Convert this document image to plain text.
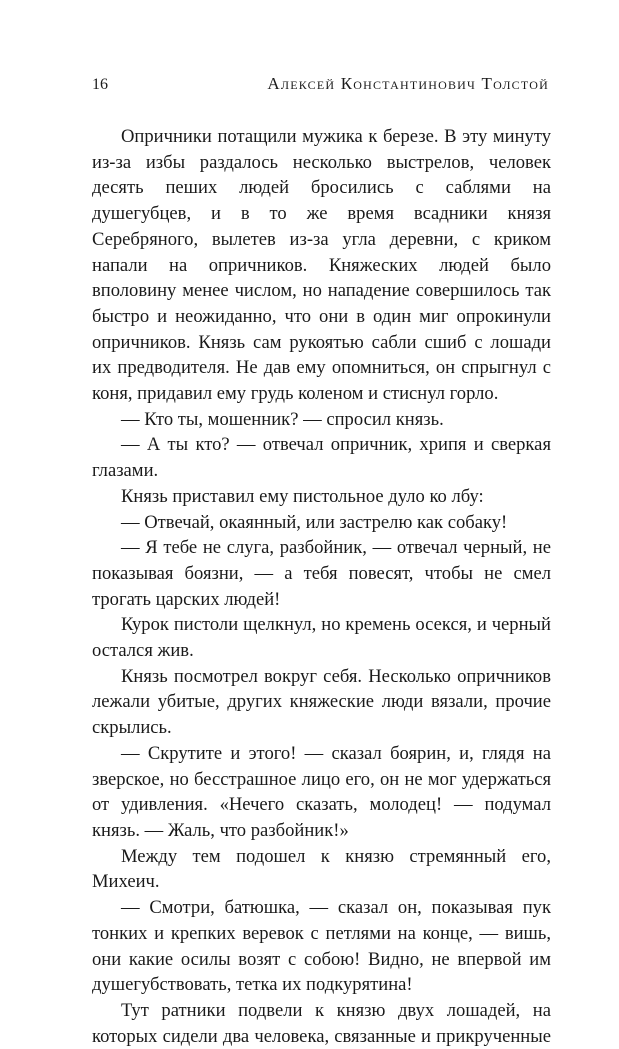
16	Алексей Константинович Толстой

Опричники потащили мужика к березе. В эту минуту из-за избы раздалось несколько выстрелов, человек десять пеших людей бросились с саблями на душегубцев, и в то же время всадники князя Серебряного, вылетев из-за угла деревни, с криком напали на опричников. Княжеских людей было вполовину менее числом, но нападение совершилось так быстро и неожиданно, что они в один миг опрокинули опричников. Князь сам рукоятью сабли сшиб с лошади их предводителя. Не дав ему опомниться, он спрыгнул с коня, придавил ему грудь коленом и стиснул горло.

— Кто ты, мошенник? — спросил князь.

— А ты кто? — отвечал опричник, хрипя и сверкая глазами.

Князь приставил ему пистольное дуло ко лбу:

— Отвечай, окаянный, или застрелю как собаку!

— Я тебе не слуга, разбойник, — отвечал черный, не показывая боязни, — а тебя повесят, чтобы не смел трогать царских людей!

Курок пистоли щелкнул, но кремень осекся, и черный остался жив.

Князь посмотрел вокруг себя. Несколько опричников лежали убитые, других княжеские люди вязали, прочие скрылись.

— Скрутите и этого! — сказал боярин, и, глядя на зверское, но бесстрашное лицо его, он не мог удержаться от удивления. «Нечего сказать, молодец! — подумал князь. — Жаль, что разбойник!»

Между тем подошел к князю стремянный его, Михеич.

— Смотри, батюшка, — сказал он, показывая пук тонких и крепких веревок с петлями на конце, — вишь, они какие осилы возят с собою! Видно, не впервой им душегубствовать, тетка их подкурятина!

Тут ратники подвели к князю двух лошадей, на которых сидели два человека, связанные и прикрученные
